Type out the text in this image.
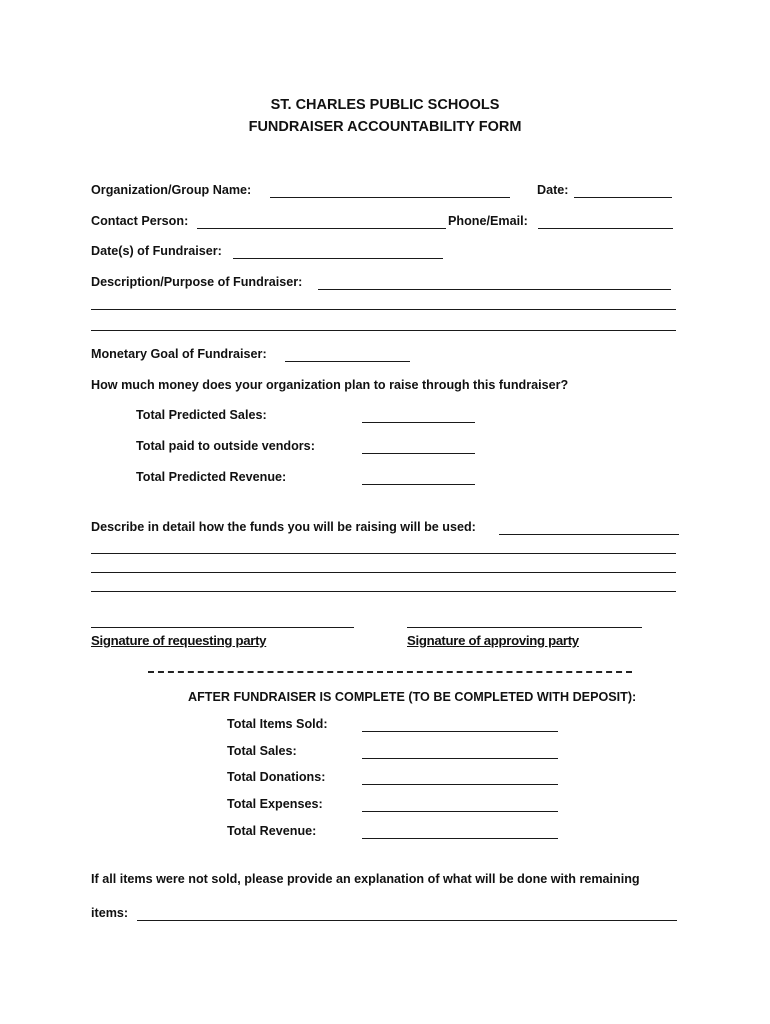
ST. CHARLES PUBLIC SCHOOLS
FUNDRAISER ACCOUNTABILITY FORM
Organization/Group Name:	Date:
Contact Person:	Phone/Email:
Date(s) of Fundraiser:
Description/Purpose of Fundraiser:
Monetary Goal of Fundraiser:
How much money does your organization plan to raise through this fundraiser?
Total Predicted Sales:
Total paid to outside vendors:
Total Predicted Revenue:
Describe in detail how the funds you will be raising will be used:
Signature of requesting party	Signature of approving party
AFTER FUNDRAISER IS COMPLETE (TO BE COMPLETED WITH DEPOSIT):
Total Items Sold:
Total Sales:
Total Donations:
Total Expenses:
Total Revenue:
If all items were not sold, please provide an explanation of what will be done with remaining
items:
